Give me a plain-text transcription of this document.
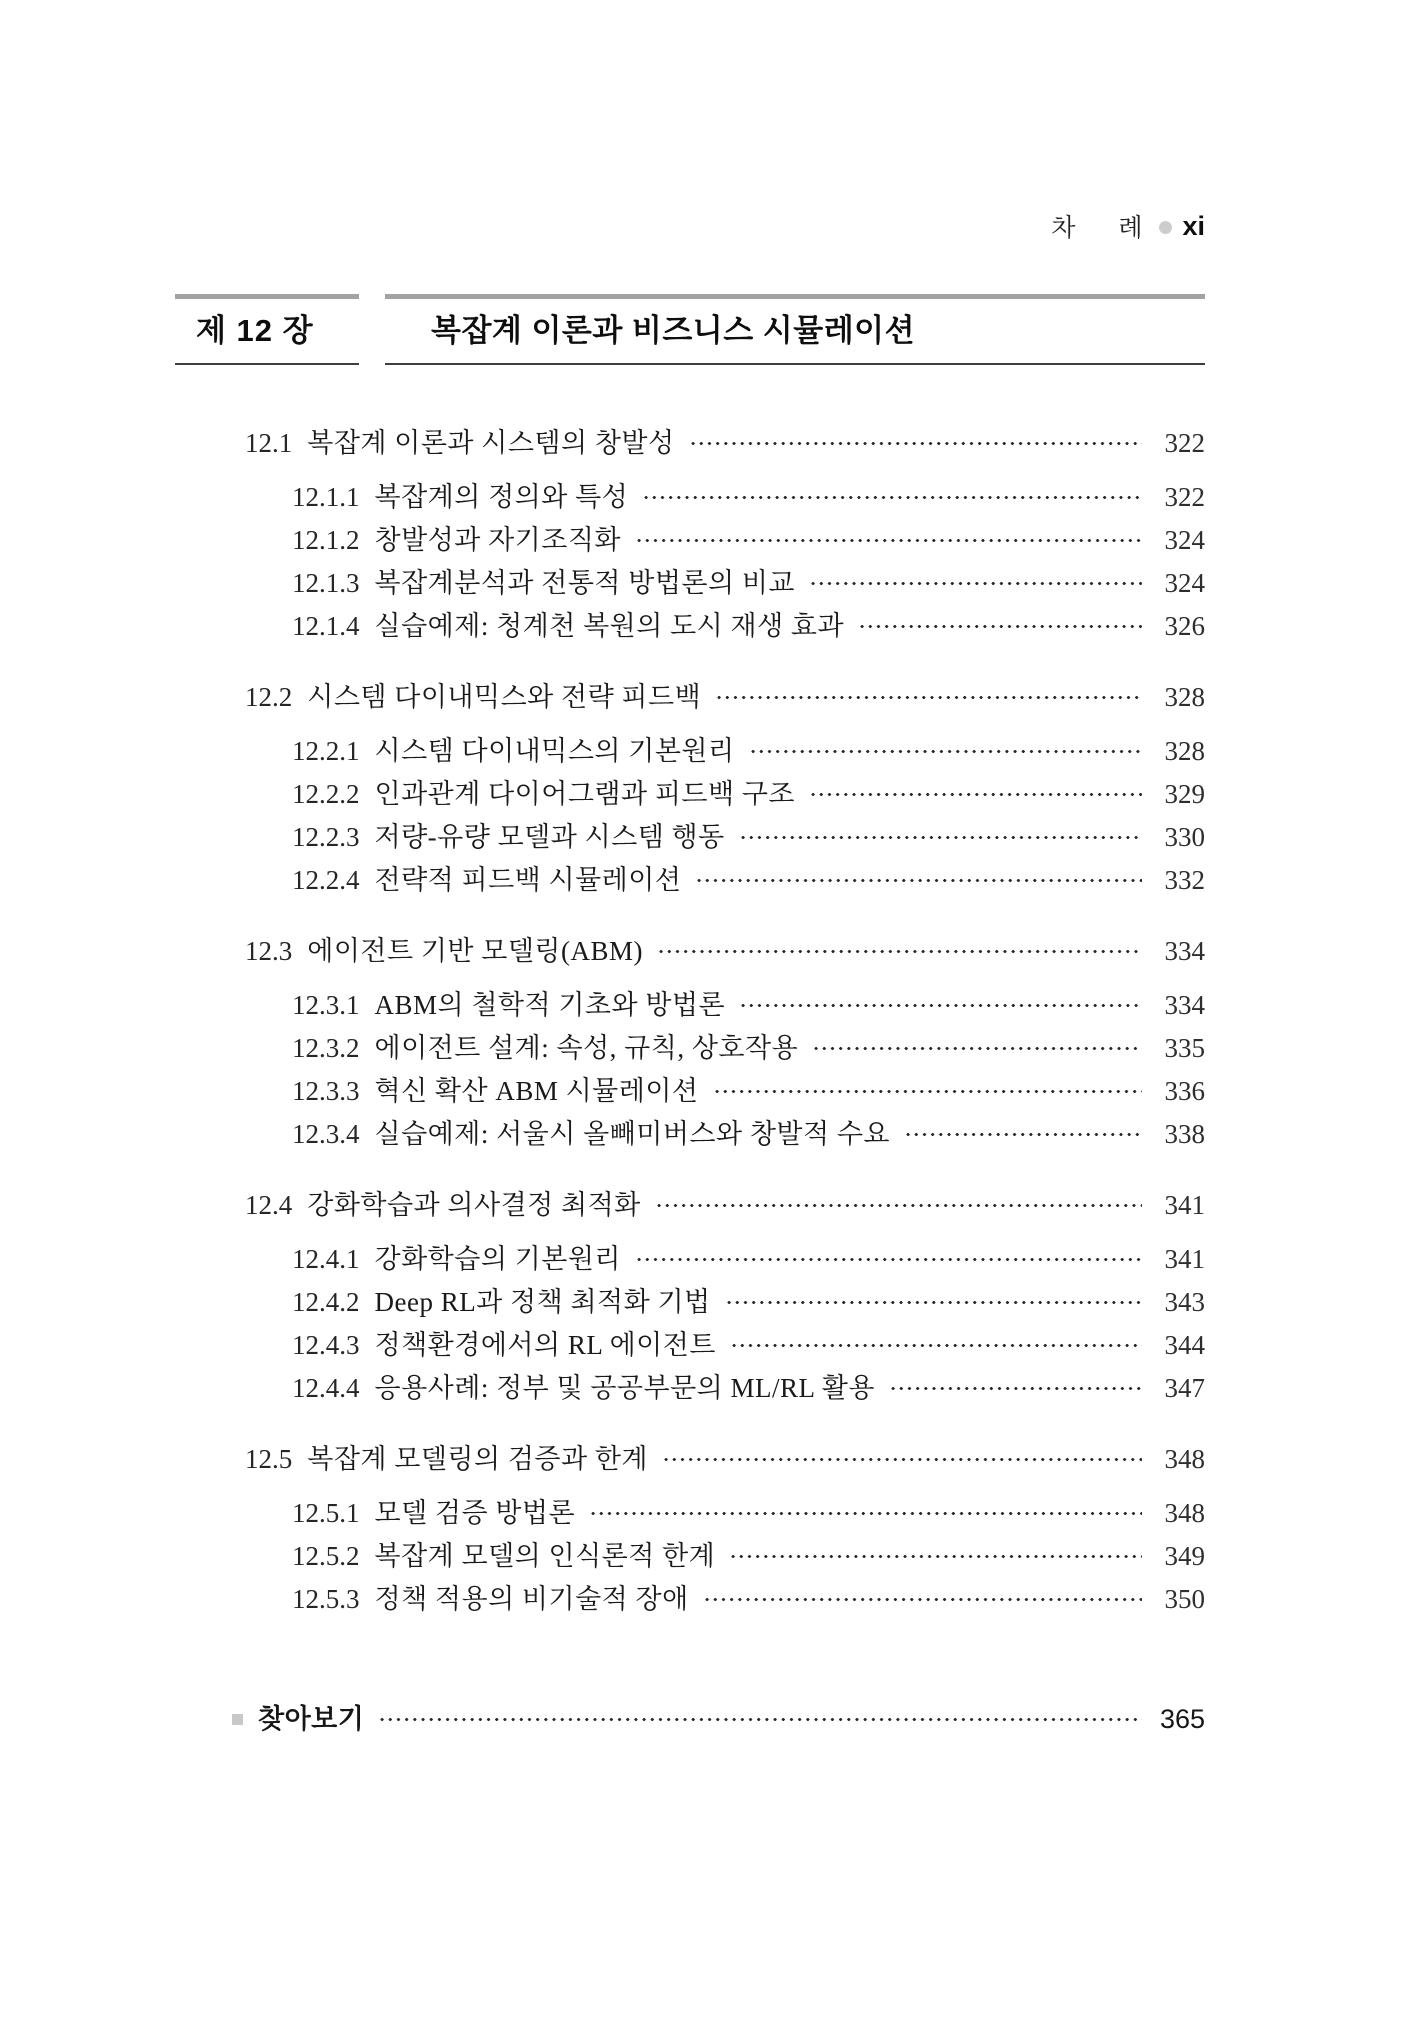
차 례 xi
제 12 장	복잡계 이론과 비즈니스 시뮬레이션
12.1 복잡계 이론과 시스템의 창발성	322
12.1.1 복잡계의 정의와 특성	322
12.1.2 창발성과 자기조직화	324
12.1.3 복잡계분석과 전통적 방법론의 비교	324
12.1.4 실습예제: 청계천 복원의 도시 재생 효과	326
12.2 시스템 다이내믹스와 전략 피드백	328
12.2.1 시스템 다이내믹스의 기본원리	328
12.2.2 인과관계 다이어그램과 피드백 구조	329
12.2.3 저량-유량 모델과 시스템 행동	330
12.2.4 전략적 피드백 시뮬레이션	332
12.3 에이전트 기반 모델링(ABM)	334
12.3.1 ABM의 철학적 기초와 방법론	334
12.3.2 에이전트 설계: 속성, 규칙, 상호작용	335
12.3.3 혁신 확산 ABM 시뮬레이션	336
12.3.4 실습예제: 서울시 올빼미버스와 창발적 수요	338
12.4 강화학습과 의사결정 최적화	341
12.4.1 강화학습의 기본원리	341
12.4.2 Deep RL과 정책 최적화 기법	343
12.4.3 정책환경에서의 RL 에이전트	344
12.4.4 응용사례: 정부 및 공공부문의 ML/RL 활용	347
12.5 복잡계 모델링의 검증과 한계	348
12.5.1 모델 검증 방법론	348
12.5.2 복잡계 모델의 인식론적 한계	349
12.5.3 정책 적용의 비기술적 장애	350
찾아보기	365
